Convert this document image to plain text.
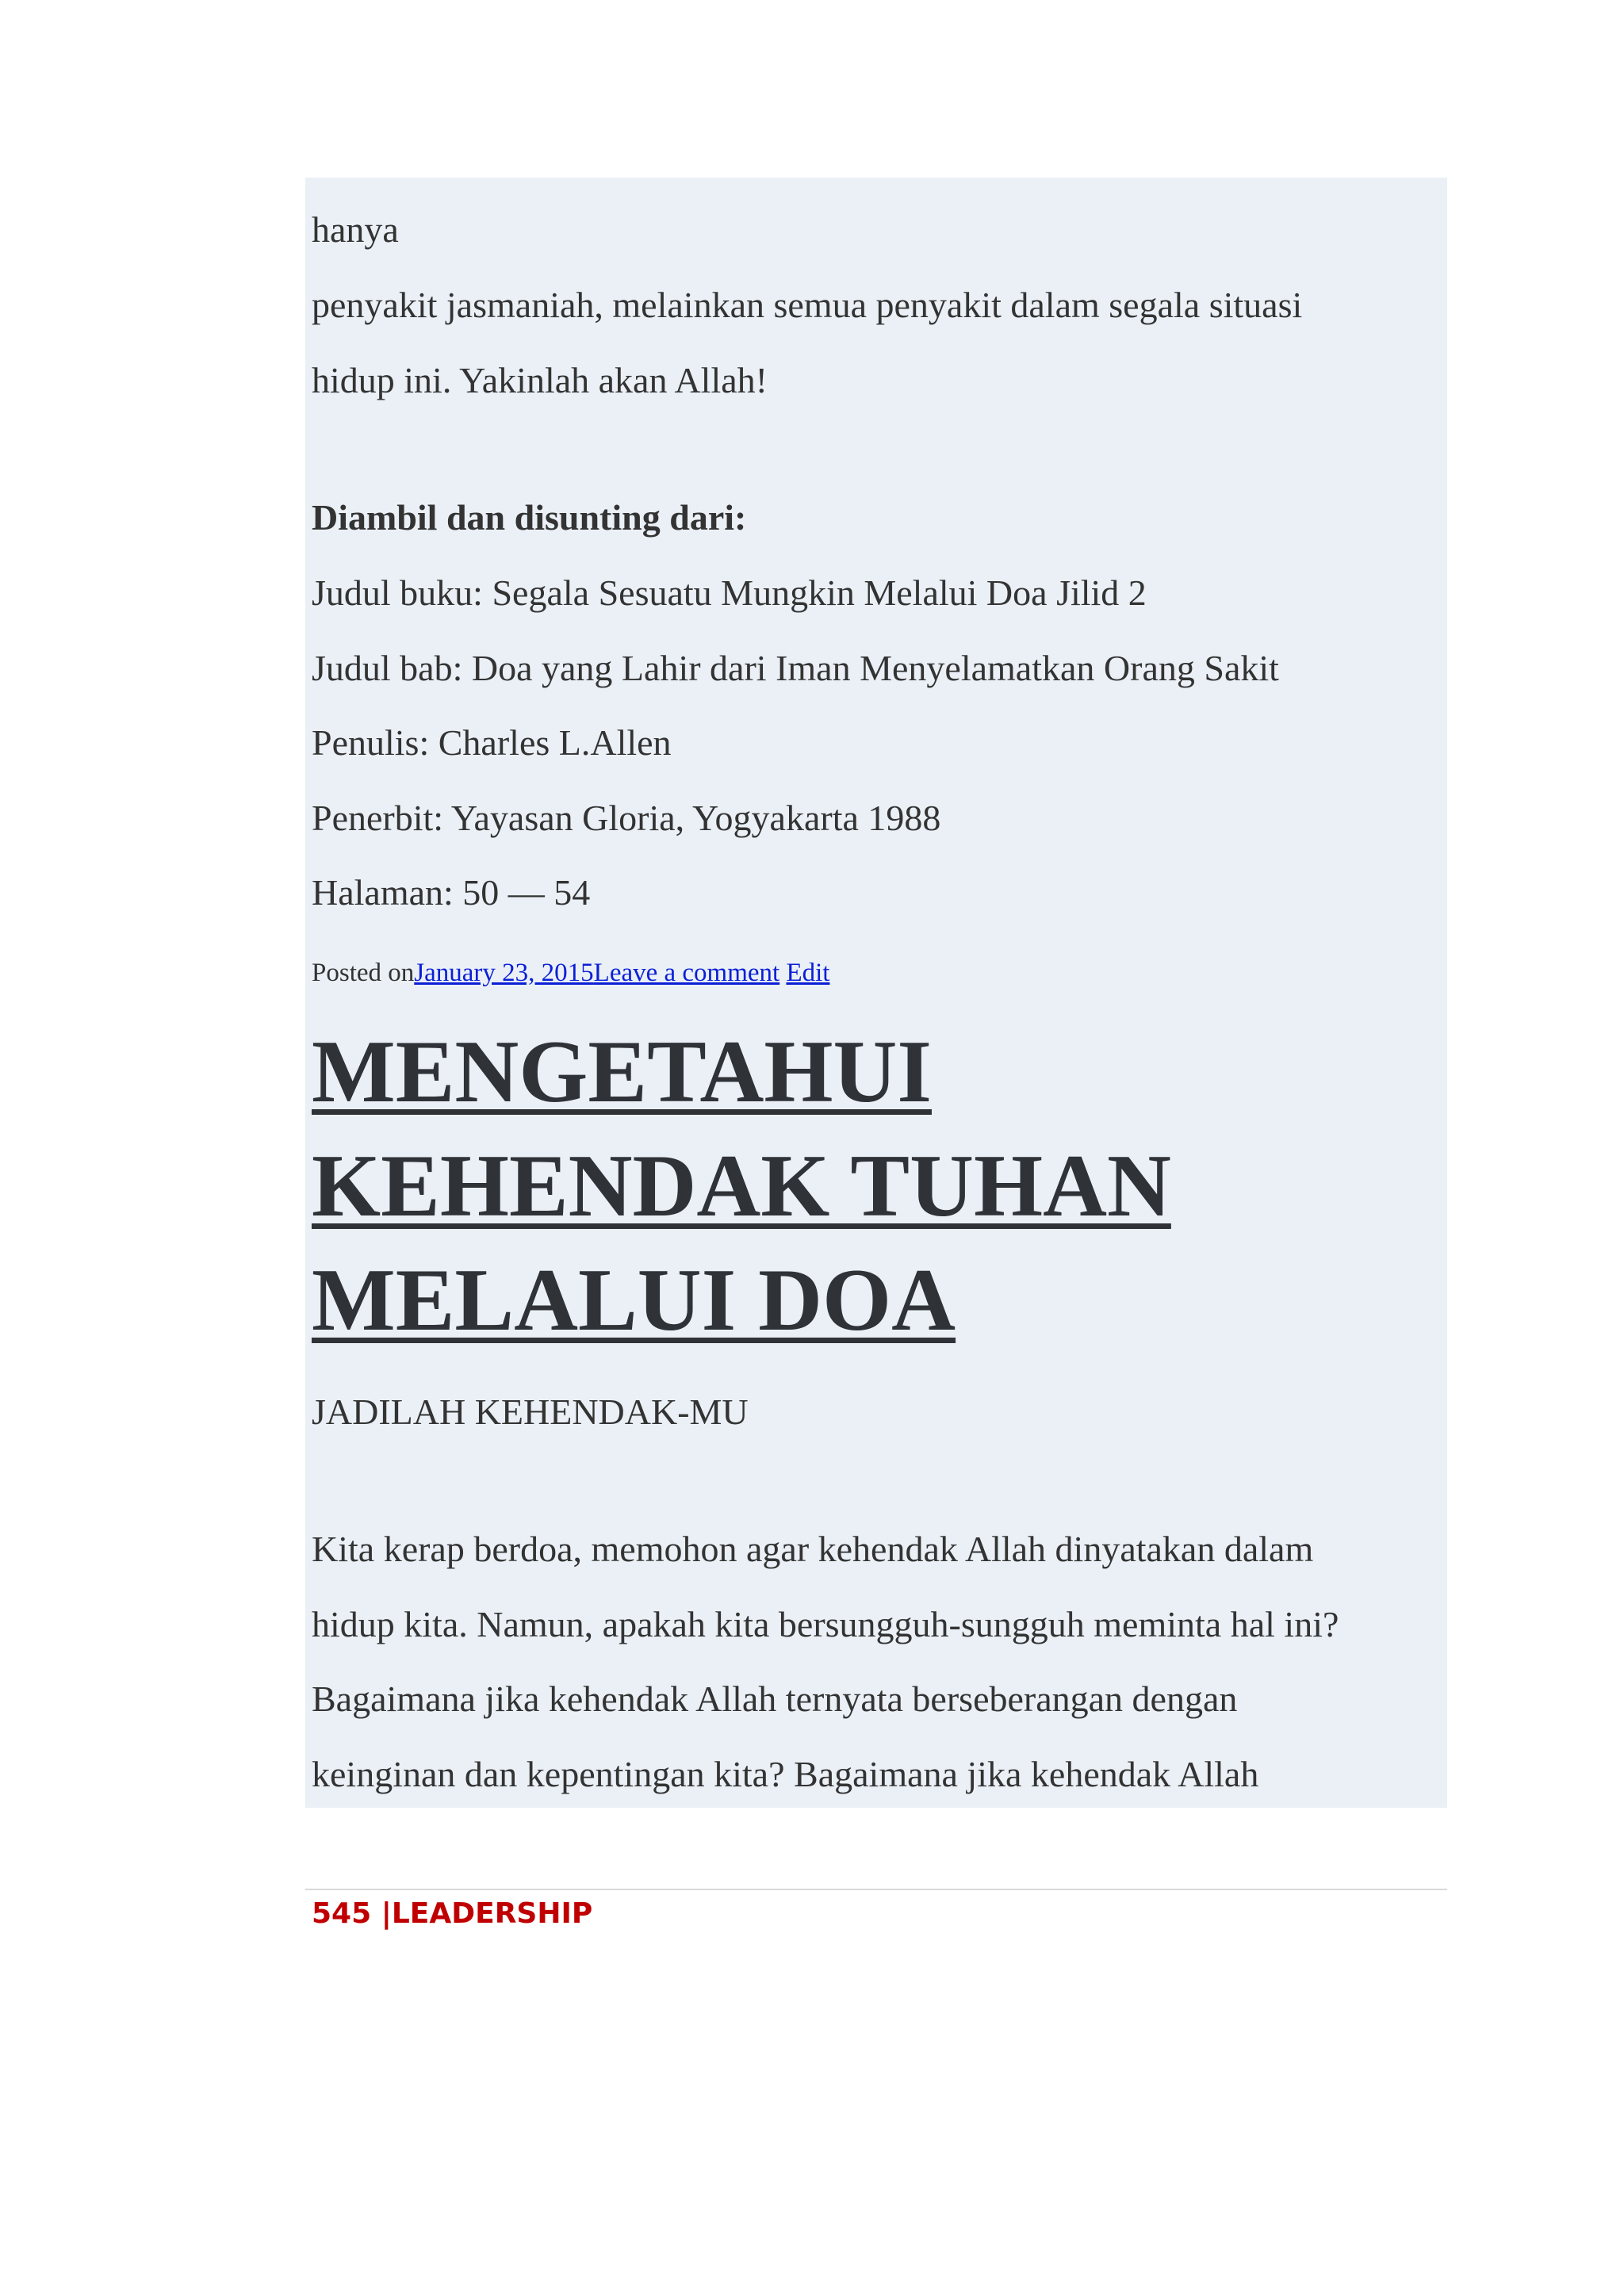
hanya
penyakit jasmaniah, melainkan semua penyakit dalam segala situasi
hidup ini. Yakinlah akan Allah!
Diambil dan disunting dari:
Judul buku: Segala Sesuatu Mungkin Melalui Doa Jilid 2
Judul bab: Doa yang Lahir dari Iman Menyelamatkan Orang Sakit
Penulis: Charles L.Allen
Penerbit: Yayasan Gloria, Yogyakarta 1988
Halaman: 50 — 54
Posted onJanuary 23, 2015Leave a comment Edit
MENGETAHUI
KEHENDAK TUHAN
MELALUI DOA
JADILAH KEHENDAK-MU
Kita kerap berdoa, memohon agar kehendak Allah dinyatakan dalam
hidup kita. Namun, apakah kita bersungguh-sungguh meminta hal ini?
Bagaimana jika kehendak Allah ternyata berseberangan dengan
keinginan dan kepentingan kita? Bagaimana jika kehendak Allah
545 |LEADERSHIP
